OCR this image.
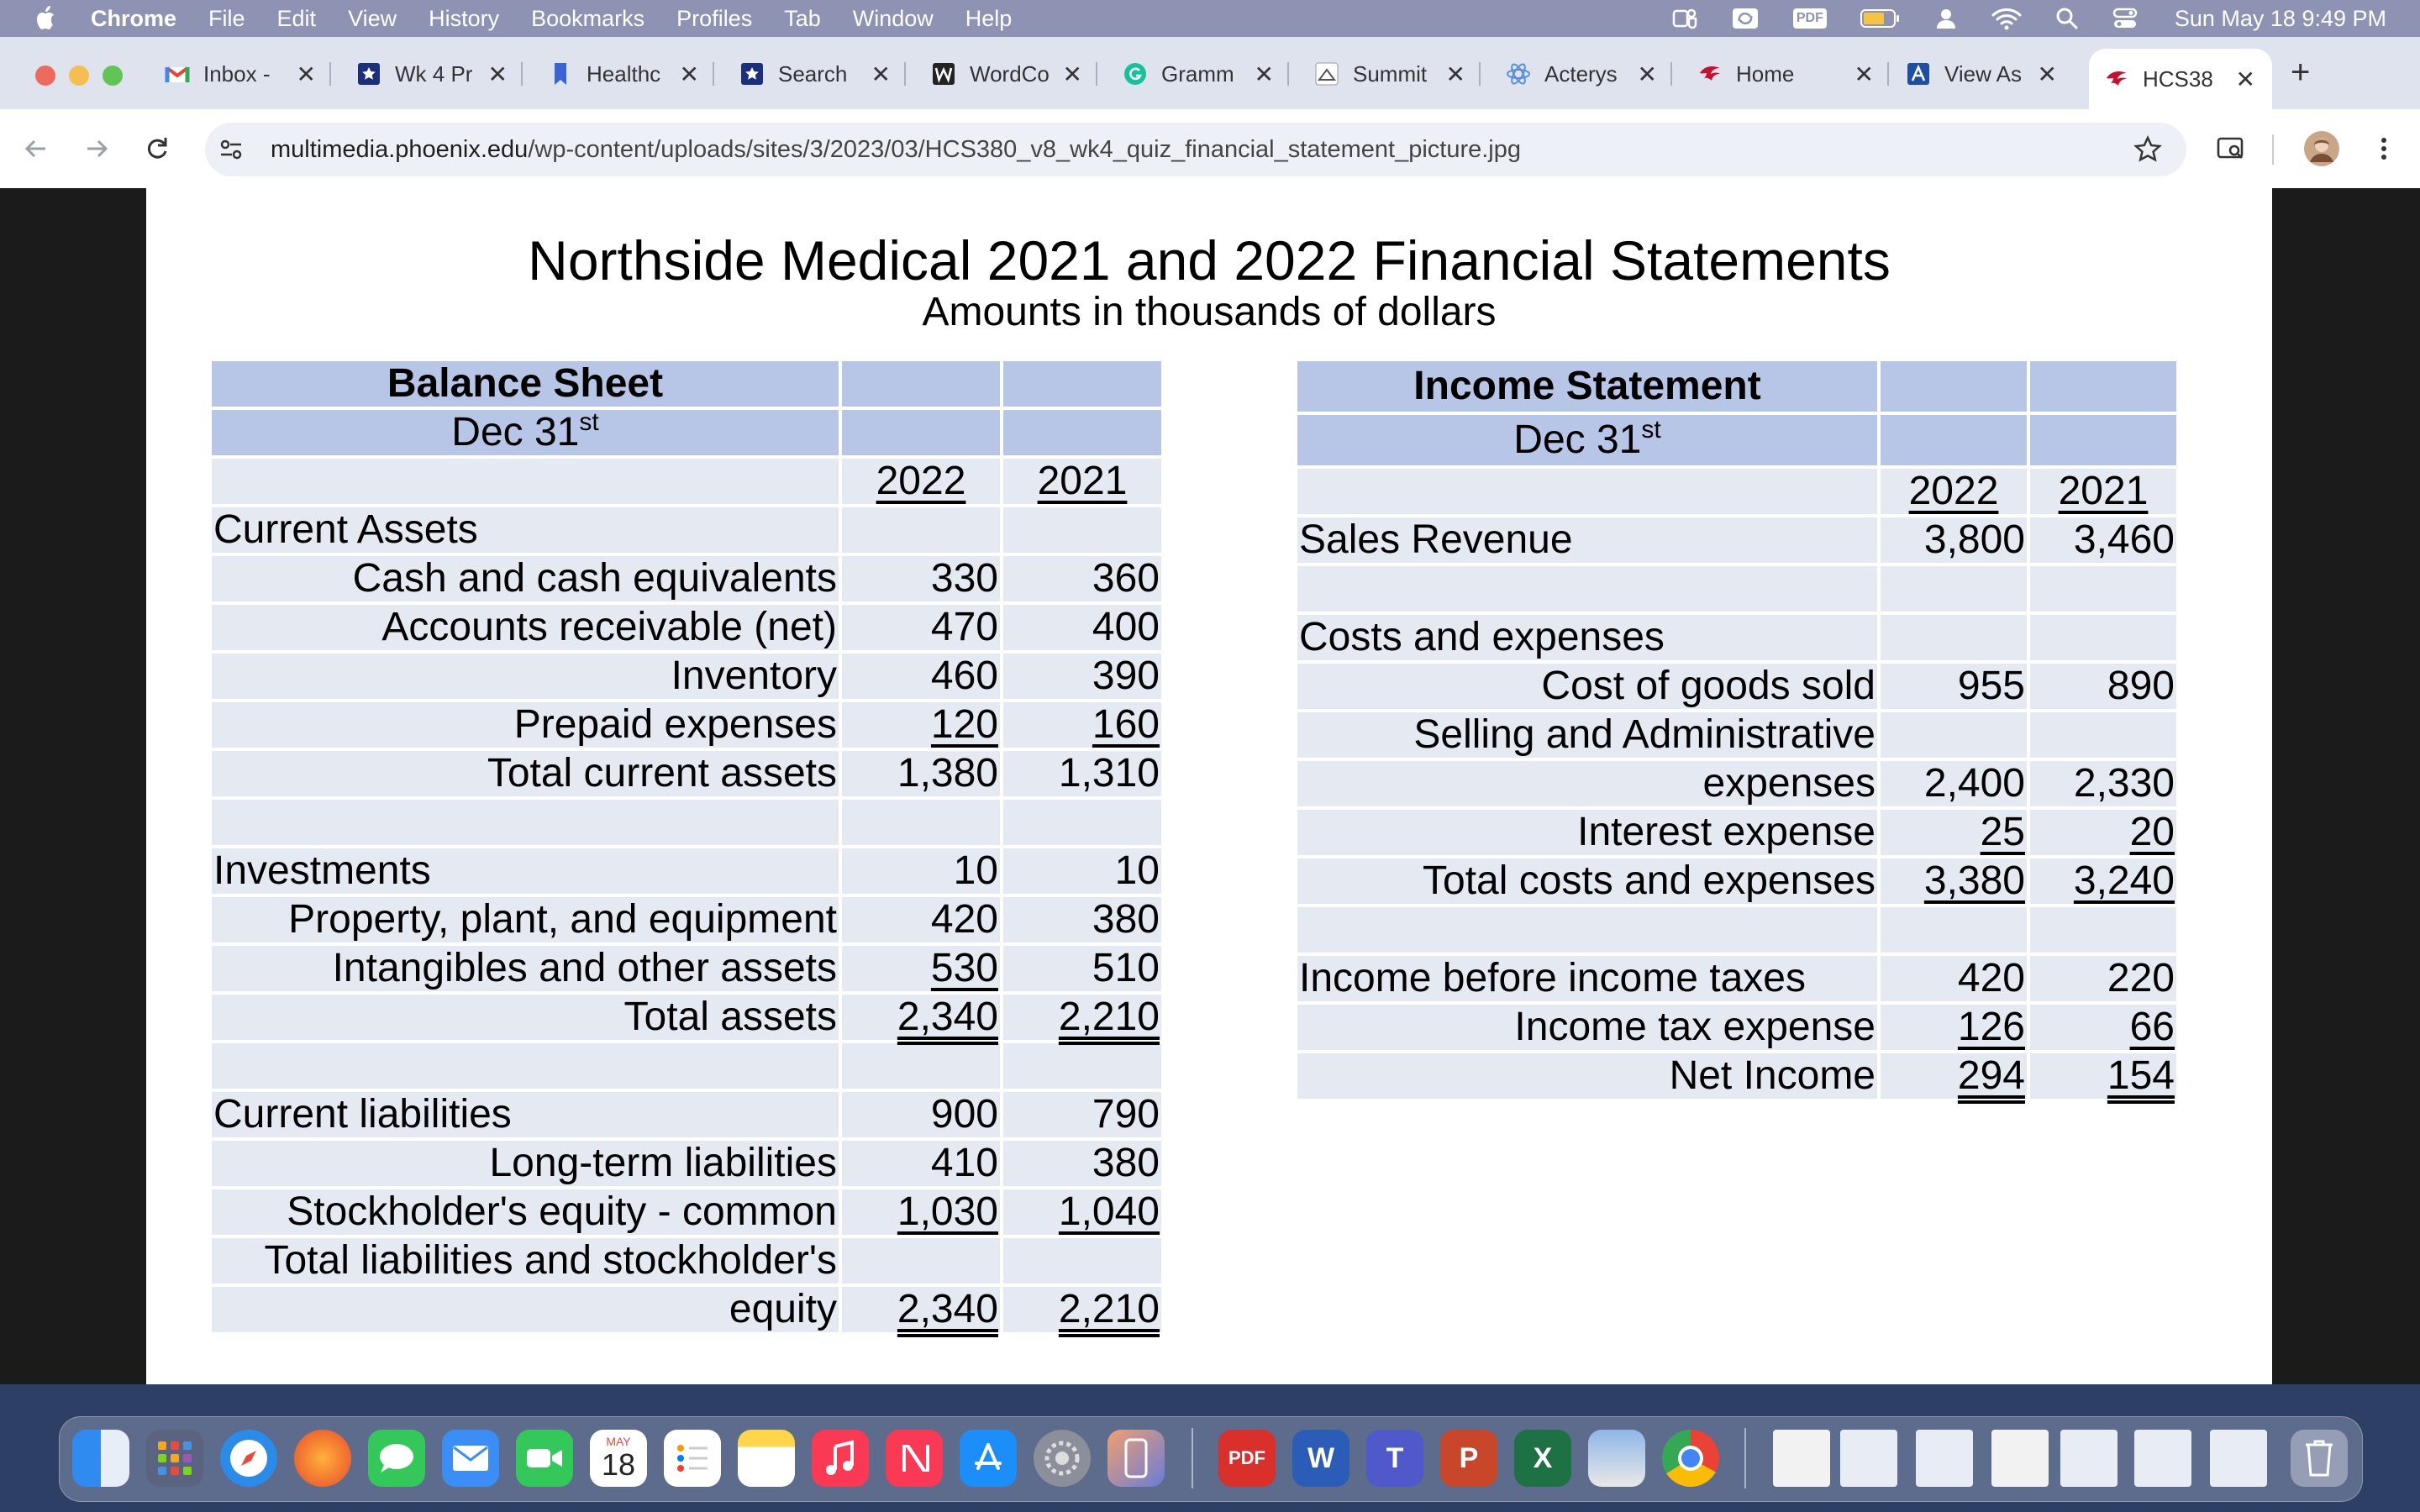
Chrome File Edit View History Bookmarks Profiles Tab Window Help	PDF	Sun May 18 9:49 PM
Inbox - ✕	Wk 4 Pr ✕	Healthc ✕	Search ✕	WordCo ✕	Gramm ✕	Summit ✕	Acterys ✕	Home	✕	View As ✕	HCS38 ✕ +
multimedia.phoenix.edu/wp-content/uploads/sites/3/2023/03/HCS380_v8_wk4_quiz_financial_statement_picture.jpg
Northside Medical 2021 and 2022 Financial Statements
Amounts in thousands of dollars
Balance Sheet		
Dec 31st		
	2022	2021
Current Assets		
Cash and cash equivalents	330	360
Accounts receivable (net)	470	400
Inventory	460	390
Prepaid expenses	120	160
Total current assets	1,380	1,310

Investments	10	10
Property, plant, and equipment	420	380
Intangibles and other assets	530	510
Total assets	2,340	2,210

Current liabilities	900	790
Long-term liabilities	410	380
Stockholder's equity - common	1,030	1,040
Total liabilities and stockholder's		
equity	2,340	2,210
Income Statement		
Dec 31st		
	2022	2021
Sales Revenue	3,800	3,460

Costs and expenses		
Cost of goods sold	955	890
Selling and Administrative		
expenses	2,400	2,330
Interest expense	25	20
Total costs and expenses	3,380	3,240

Income before income taxes	420	220
Income tax expense	126	66
Net Income	294	154
MAY
18	PDF	W	T	P	X
